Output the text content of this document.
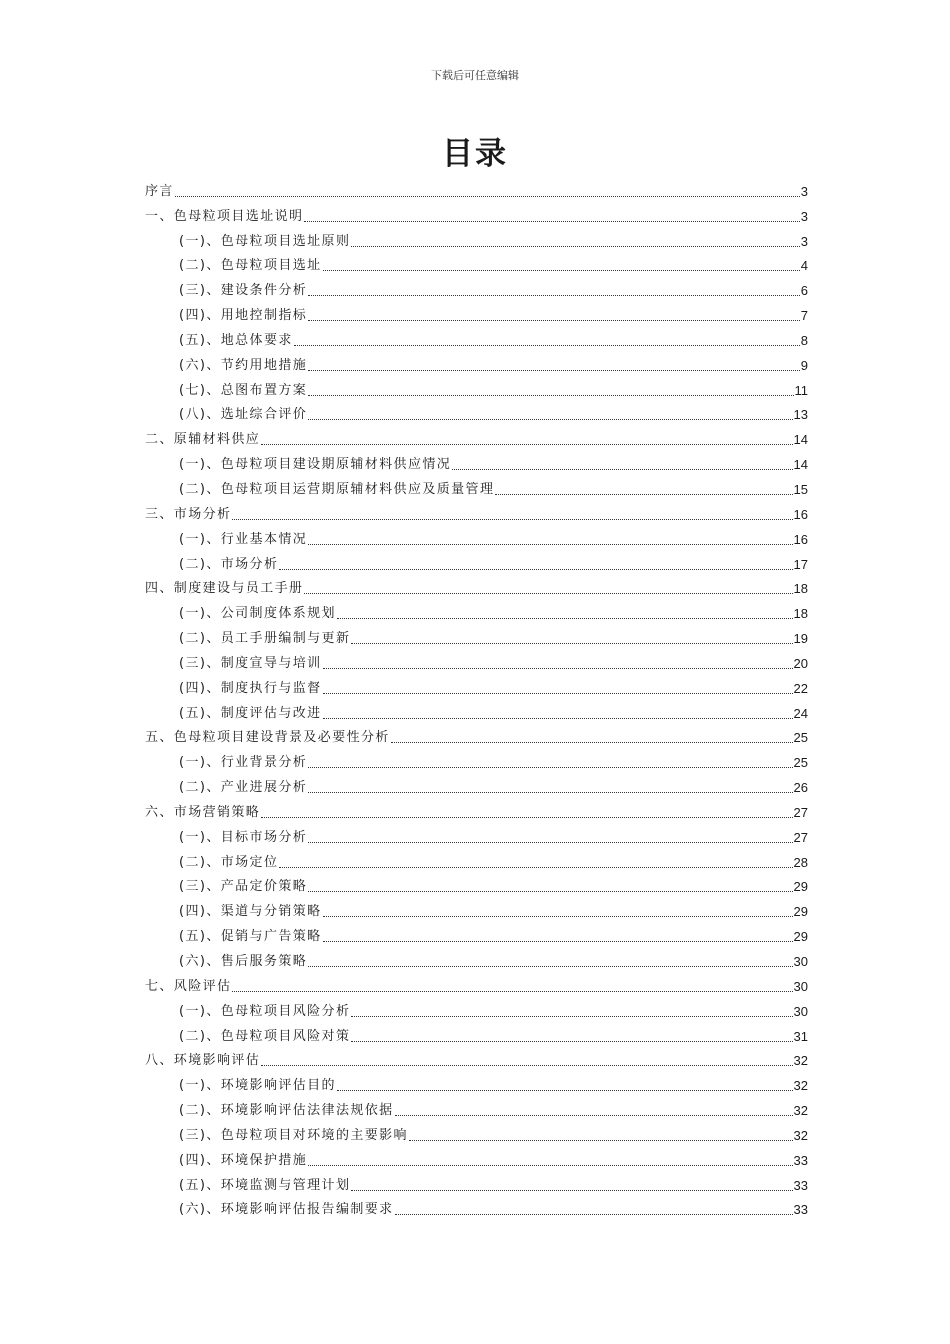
下载后可任意编辑
目录
序言	3
一、色母粒项目选址说明	3
(一)、色母粒项目选址原则	3
(二)、色母粒项目选址	4
(三)、建设条件分析	6
(四)、用地控制指标	7
(五)、地总体要求	8
(六)、节约用地措施	9
(七)、总图布置方案	11
(八)、选址综合评价	13
二、原辅材料供应	14
(一)、色母粒项目建设期原辅材料供应情况	14
(二)、色母粒项目运营期原辅材料供应及质量管理	15
三、市场分析	16
(一)、行业基本情况	16
(二)、市场分析	17
四、制度建设与员工手册	18
(一)、公司制度体系规划	18
(二)、员工手册编制与更新	19
(三)、制度宣导与培训	20
(四)、制度执行与监督	22
(五)、制度评估与改进	24
五、色母粒项目建设背景及必要性分析	25
(一)、行业背景分析	25
(二)、产业进展分析	26
六、市场营销策略	27
(一)、目标市场分析	27
(二)、市场定位	28
(三)、产品定价策略	29
(四)、渠道与分销策略	29
(五)、促销与广告策略	29
(六)、售后服务策略	30
七、风险评估	30
(一)、色母粒项目风险分析	30
(二)、色母粒项目风险对策	31
八、环境影响评估	32
(一)、环境影响评估目的	32
(二)、环境影响评估法律法规依据	32
(三)、色母粒项目对环境的主要影响	32
(四)、环境保护措施	33
(五)、环境监测与管理计划	33
(六)、环境影响评估报告编制要求	33
